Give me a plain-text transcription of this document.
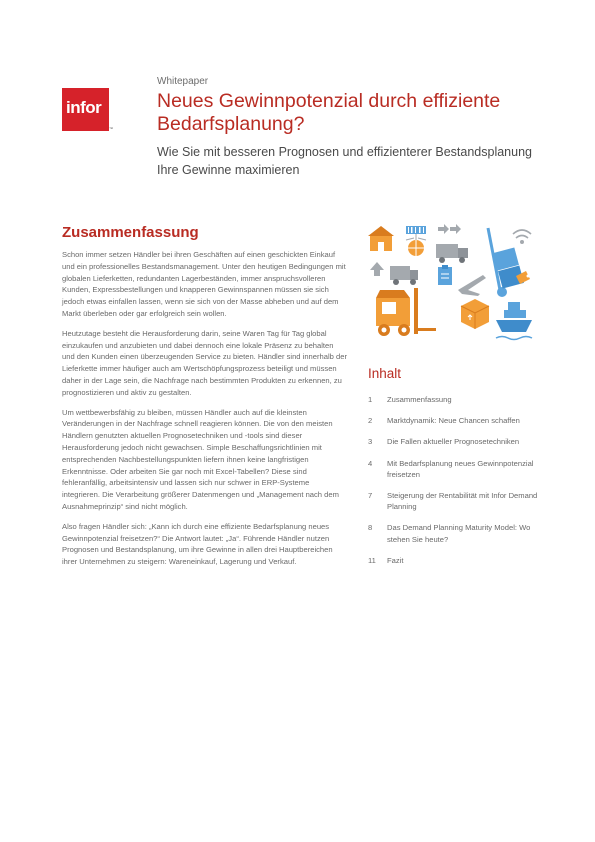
infor
™
Whitepaper
Neues Gewinnpotenzial durch effiziente Bedarfsplanung?
Wie Sie mit besseren Prognosen und effizienterer Bestandsplanung Ihre Gewinne maximieren
Zusammenfassung

Schon immer setzen Händler bei ihren Geschäften auf einen geschickten Einkauf und ein professionelles Bestandsmanagement. Unter den heutigen Bedingungen mit globalen Lieferketten, redundanten Lagerbeständen, immer anspruchsvolleren Kunden, Expressbestellungen und knapperen Gewinnspannen müssen sie sich jedoch etwas einfallen lassen, wenn sie sich von der Masse abheben und auf dem Markt überleben oder gar erfolgreich sein wollen.

Heutzutage besteht die Herausforderung darin, seine Waren Tag für Tag global einzukaufen und anzubieten und dabei dennoch eine lokale Präsenz zu behalten und den Kunden einen überzeugenden Service zu bieten. Händler sind innerhalb der Lieferkette immer häufiger auch am Wertschöpfungsprozess beteiligt und müssen daher in der Lage sein, die Nachfrage nach bestimmten Produkten zu erkennen, zu prognostizieren und aktiv zu gestalten.

Um wettbewerbsfähig zu bleiben, müssen Händler auch auf die kleinsten Veränderungen in der Nachfrage schnell reagieren können. Die von den meisten Händlern genutzten aktuellen Prognosetechniken und -tools sind dieser Herausforderung jedoch nicht gewachsen. Simple Beschaffungsrichtlinien mit entsprechenden Nachbestellungspunkten liefern ihnen keine langfristigen Erkenntnisse. Oder arbeiten Sie gar noch mit Excel-Tabellen? Diese sind fehleranfällig, arbeitsintensiv und lassen sich nur schwer in ERP-Systeme integrieren. Die Verarbeitung größerer Datenmengen und „Management nach dem Ausnahmeprinzip“ sind nicht möglich.

Also fragen Händler sich: „Kann ich durch eine effiziente Bedarfsplanung neues Gewinnpotenzial freisetzen?“ Die Antwort lautet: „Ja“. Führende Händler nutzen Prognosen und Bestandsplanung, um ihre Gewinne in allen drei Hauptbereichen ihrer Unternehmen zu steigern: Wareneinkauf, Lagerung und Verkauf.

Inhalt
1	Zusammenfassung
2	Marktdynamik: Neue Chancen schaffen
3	Die Fallen aktueller Prognosetechniken
4	Mit Bedarfsplanung neues Gewinnpotenzial freisetzen
7	Steigerung der Rentabilität mit Infor Demand Planning
8	Das Demand Planning Maturity Model: Wo stehen Sie heute?
11	Fazit
